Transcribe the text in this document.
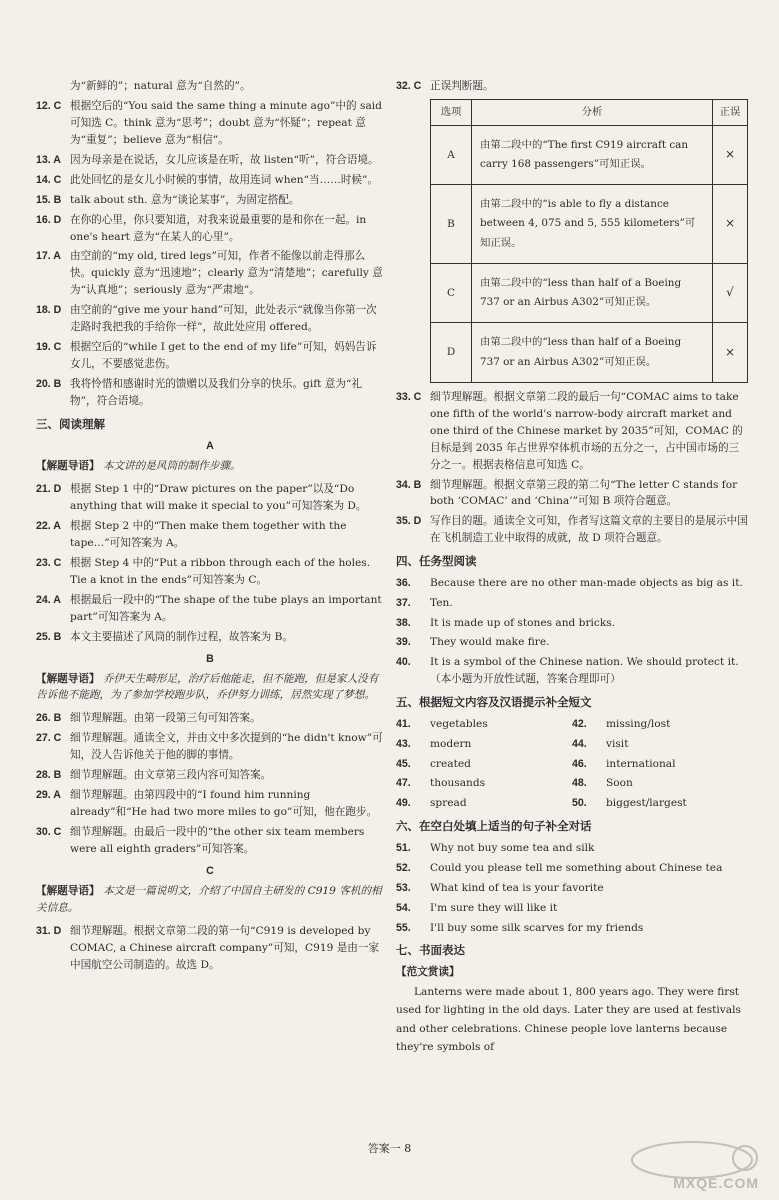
为“新鲜的”；natural 意为“自然的”。
12. C 根据空后的“You said the same thing a minute ago”中的 said 可知选 C。think 意为“思考”；doubt 意为“怀疑”；repeat 意为“重复”；believe 意为“相信”。
13. A 因为母亲是在说话，女儿应该是在听，故 listen“听”，符合语境。
14. C 此处回忆的是女儿小时候的事情，故用连词 when“当……时候”。
15. B talk about sth. 意为“谈论某事”，为固定搭配。
16. D 在你的心里，你只要知道，对我来说最重要的是和你在一起。in one's heart 意为“在某人的心里”。
17. A 由空前的“my old, tired legs”可知，作者不能像以前走得那么快。quickly 意为“迅速地”；clearly 意为“清楚地”；carefully 意为“认真地”；seriously 意为“严肃地”。
18. D 由空前的“give me your hand”可知，此处表示“就像当你第一次走路时我把我的手给你一样”，故此处应用 offered。
19. C 根据空后的“while I get to the end of my life”可知，妈妈告诉女儿，不要感觉悲伤。
20. B 我将怜惜和感谢时光的馈赠以及我们分享的快乐。gift 意为“礼物”，符合语境。
三、阅读理解
A
【解题导语】 本文讲的是风筒的制作步骤。
21. D 根据 Step 1 中的“Draw pictures on the paper”以及“Do anything that will make it special to you”可知答案为 D。
22. A 根据 Step 2 中的“Then make them together with the tape…”可知答案为 A。
23. C 根据 Step 4 中的“Put a ribbon through each of the holes. Tie a knot in the ends”可知答案为 C。
24. A 根据最后一段中的“The shape of the tube plays an important part”可知答案为 A。
25. B 本文主要描述了风筒的制作过程，故答案为 B。
B
【解题导语】 乔伊天生畸形足，治疗后他能走，但不能跑，但是家人没有告诉他不能跑，为了参加学校跑步队，乔伊努力训练，居然实现了梦想。
26. B 细节理解题。由第一段第三句可知答案。
27. C 细节理解题。通读全文，并由文中多次提到的“he didn't know”可知，没人告诉他关于他的脚的事情。
28. B 细节理解题。由文章第三段内容可知答案。
29. A 细节理解题。由第四段中的“I found him running already”和“He had two more miles to go”可知，他在跑步。
30. C 细节理解题。由最后一段中的“the other six team members were all eighth graders”可知答案。
C
【解题导语】 本文是一篇说明文，介绍了中国自主研发的 C919 客机的相关信息。
31. D 细节理解题。根据文章第二段的第一句“C919 is developed by COMAC, a Chinese aircraft company”可知，C919 是由一家中国航空公司制造的。故选 D。
32. C 正误判断题。
选项	分析	正误
A	由第二段中的“The first C919 aircraft can carry 168 passengers”可知正误。	×
B	由第二段中的“is able to fly a distance between 4, 075 and 5, 555 kilometers”可知正误。	×
C	由第二段中的“less than half of a Boeing 737 or an Airbus A302”可知正误。	√
D	由第二段中的“less than half of a Boeing 737 or an Airbus A302”可知正误。	×
33. C 细节理解题。根据文章第二段的最后一句“COMAC aims to take one fifth of the world's narrow-body aircraft market and one third of the Chinese market by 2035”可知，COMAC 的目标是到 2035 年占世界窄体机市场的五分之一，占中国市场的三分之一。根据表格信息可知选 C。
34. B 细节理解题。根据文章第三段的第二句“The letter C stands for both ‘COMAC’ and ‘China’”可知 B 项符合题意。
35. D 写作目的题。通读全文可知，作者写这篇文章的主要目的是展示中国在飞机制造工业中取得的成就，故 D 项符合题意。
四、任务型阅读
36. Because there are no other man-made objects as big as it.
37. Ten.
38. It is made up of stones and bricks.
39. They would make fire.
40. It is a symbol of the Chinese nation. We should protect it.（本小题为开放性试题，答案合理即可）
五、根据短文内容及汉语提示补全短文
41. vegetables	42. missing/lost
43. modern	44. visit
45. created	46. international
47. thousands	48. Soon
49. spread	50. biggest/largest
六、在空白处填上适当的句子补全对话
51. Why not buy some tea and silk
52. Could you please tell me something about Chinese tea
53. What kind of tea is your favorite
54. I'm sure they will like it
55. I'll buy some silk scarves for my friends
七、书面表达
【范文赏读】
Lanterns were made about 1, 800 years ago. They were first used for lighting in the old days. Later they are used at festivals and other celebrations. Chinese people love lanterns because they're symbols of
答案一 8
MXQE.COM
